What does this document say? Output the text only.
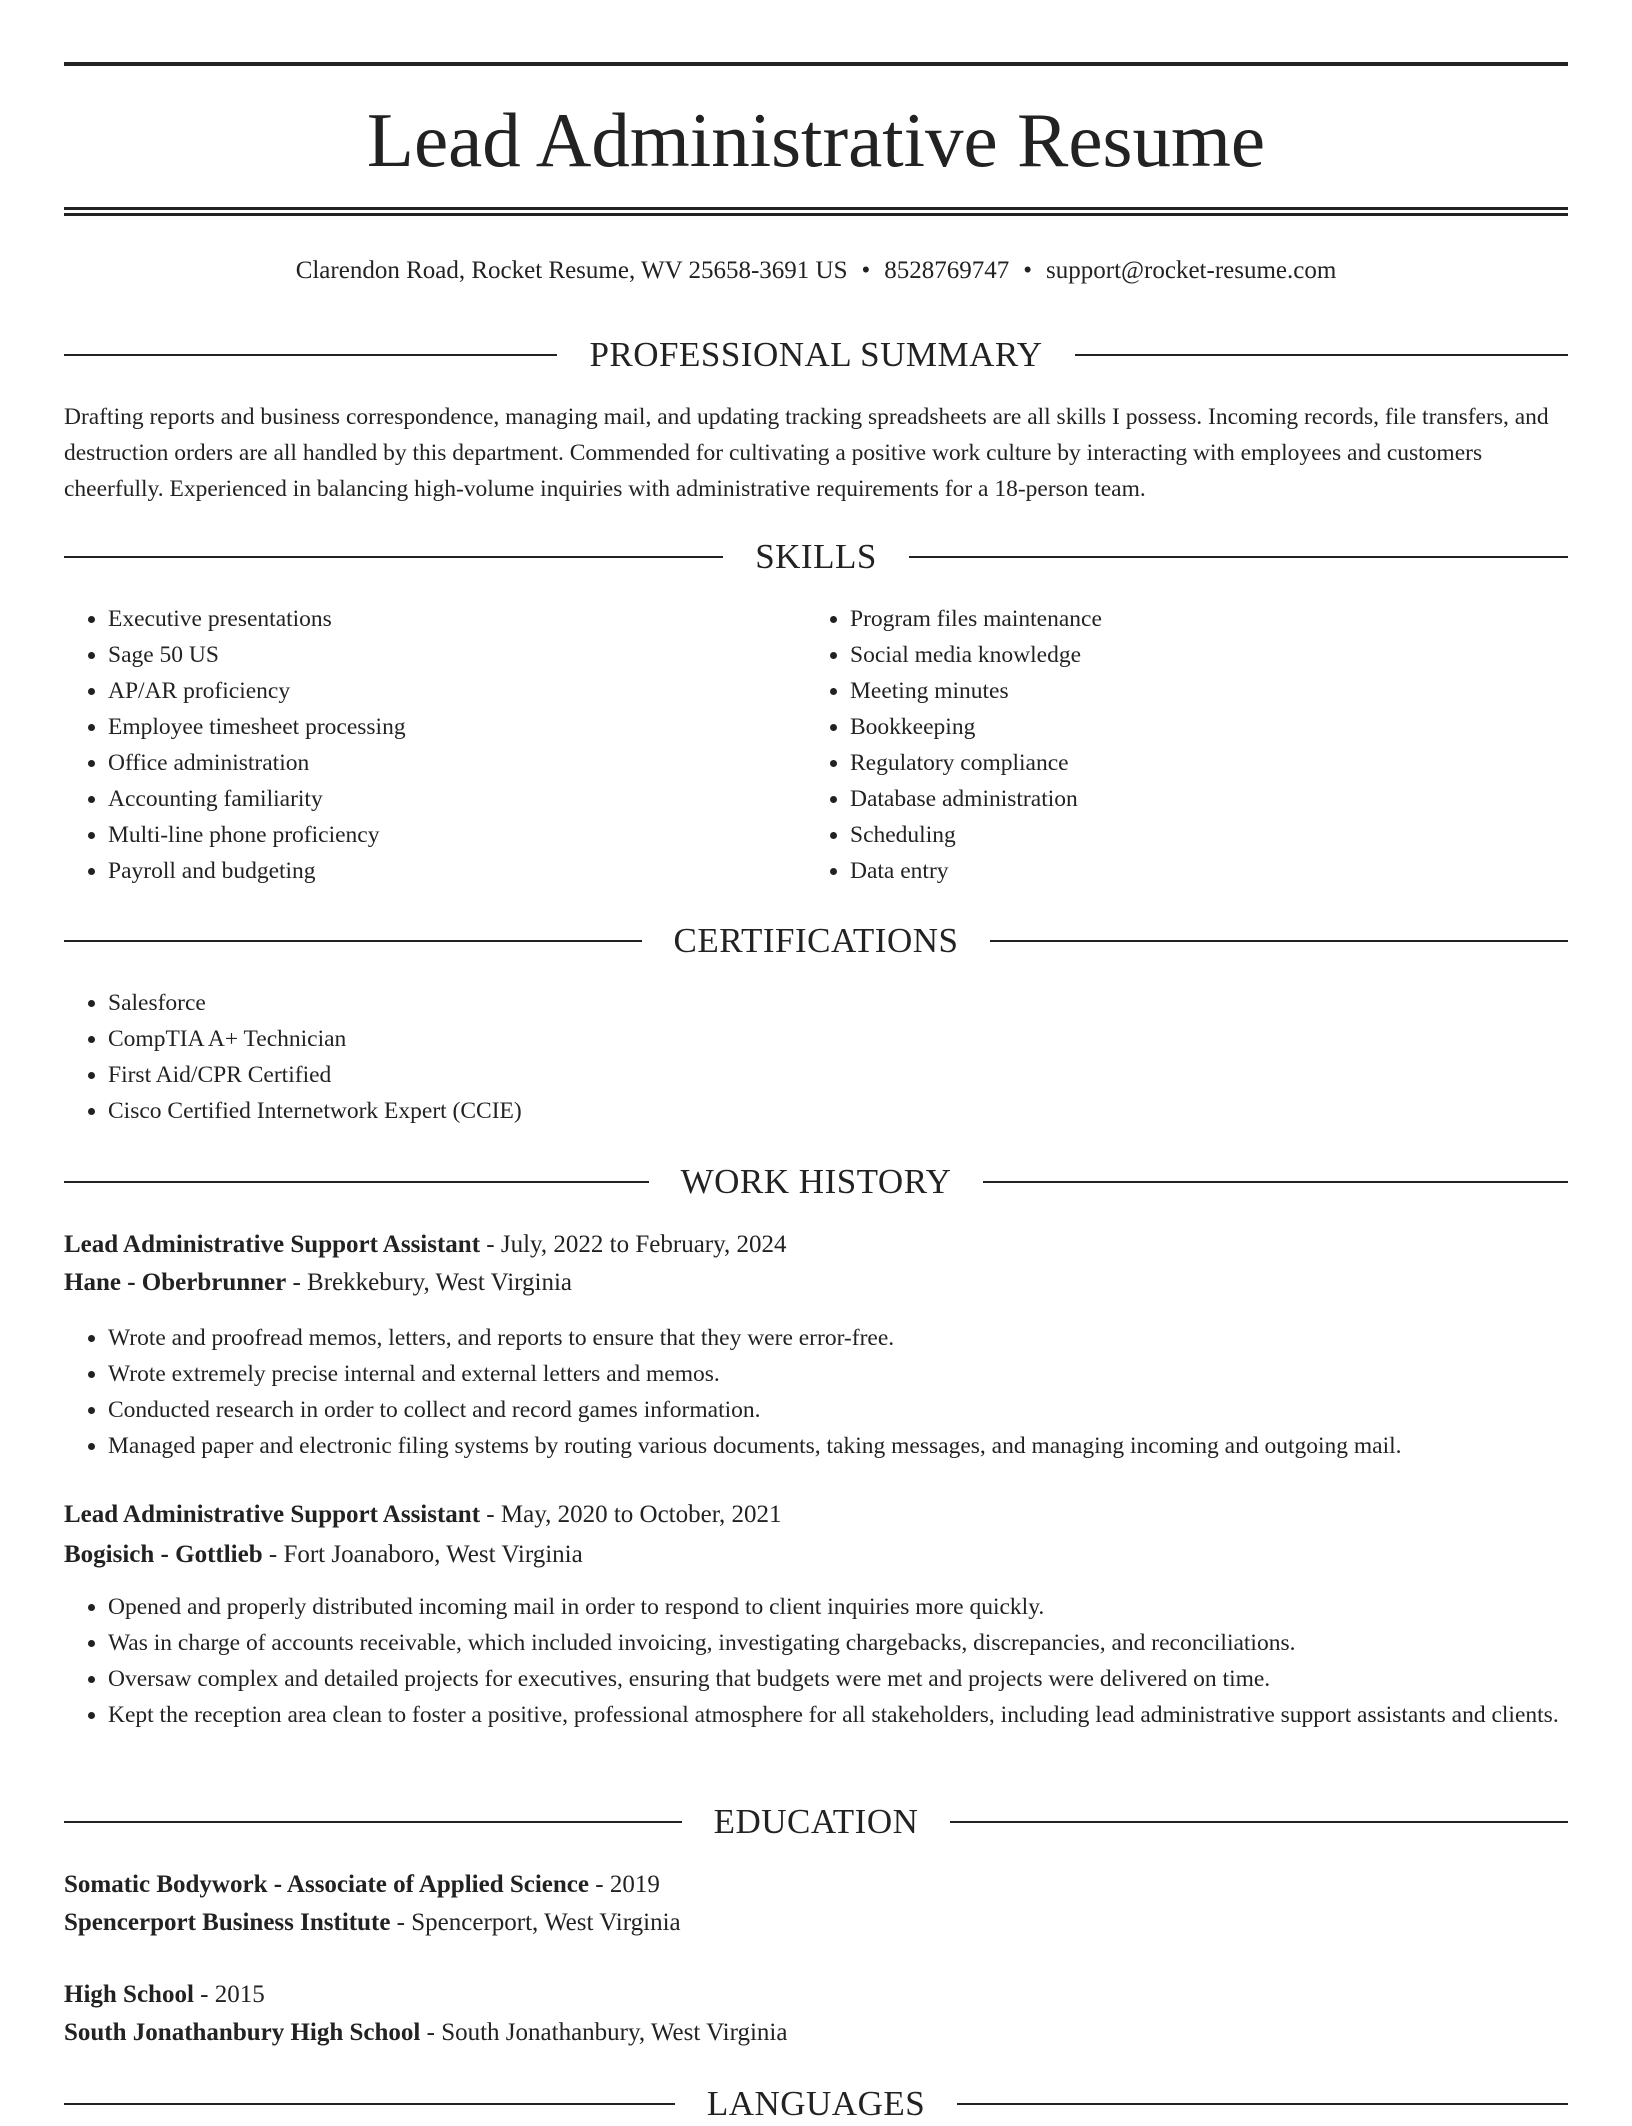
Lead Administrative Resume
Clarendon Road, Rocket Resume, WV 25658-3691 US • 8528769747 • support@rocket-resume.com
PROFESSIONAL SUMMARY
Drafting reports and business correspondence, managing mail, and updating tracking spreadsheets are all skills I possess. Incoming records, file transfers, and destruction orders are all handled by this department. Commended for cultivating a positive work culture by interacting with employees and customers cheerfully. Experienced in balancing high-volume inquiries with administrative requirements for a 18-person team.
SKILLS
• Executive presentations
• Sage 50 US
• AP/AR proficiency
• Employee timesheet processing
• Office administration
• Accounting familiarity
• Multi-line phone proficiency
• Payroll and budgeting
• Program files maintenance
• Social media knowledge
• Meeting minutes
• Bookkeeping
• Regulatory compliance
• Database administration
• Scheduling
• Data entry
CERTIFICATIONS
• Salesforce
• CompTIA A+ Technician
• First Aid/CPR Certified
• Cisco Certified Internetwork Expert (CCIE)
WORK HISTORY
Lead Administrative Support Assistant - July, 2022 to February, 2024
Hane - Oberbrunner - Brekkebury, West Virginia
• Wrote and proofread memos, letters, and reports to ensure that they were error-free.
• Wrote extremely precise internal and external letters and memos.
• Conducted research in order to collect and record games information.
• Managed paper and electronic filing systems by routing various documents, taking messages, and managing incoming and outgoing mail.
Lead Administrative Support Assistant - May, 2020 to October, 2021
Bogisich - Gottlieb - Fort Joanaboro, West Virginia
• Opened and properly distributed incoming mail in order to respond to client inquiries more quickly.
• Was in charge of accounts receivable, which included invoicing, investigating chargebacks, discrepancies, and reconciliations.
• Oversaw complex and detailed projects for executives, ensuring that budgets were met and projects were delivered on time.
• Kept the reception area clean to foster a positive, professional atmosphere for all stakeholders, including lead administrative support assistants and clients.
EDUCATION
Somatic Bodywork - Associate of Applied Science - 2019
Spencerport Business Institute - Spencerport, West Virginia
High School - 2015
South Jonathanbury High School - South Jonathanbury, West Virginia
LANGUAGES
